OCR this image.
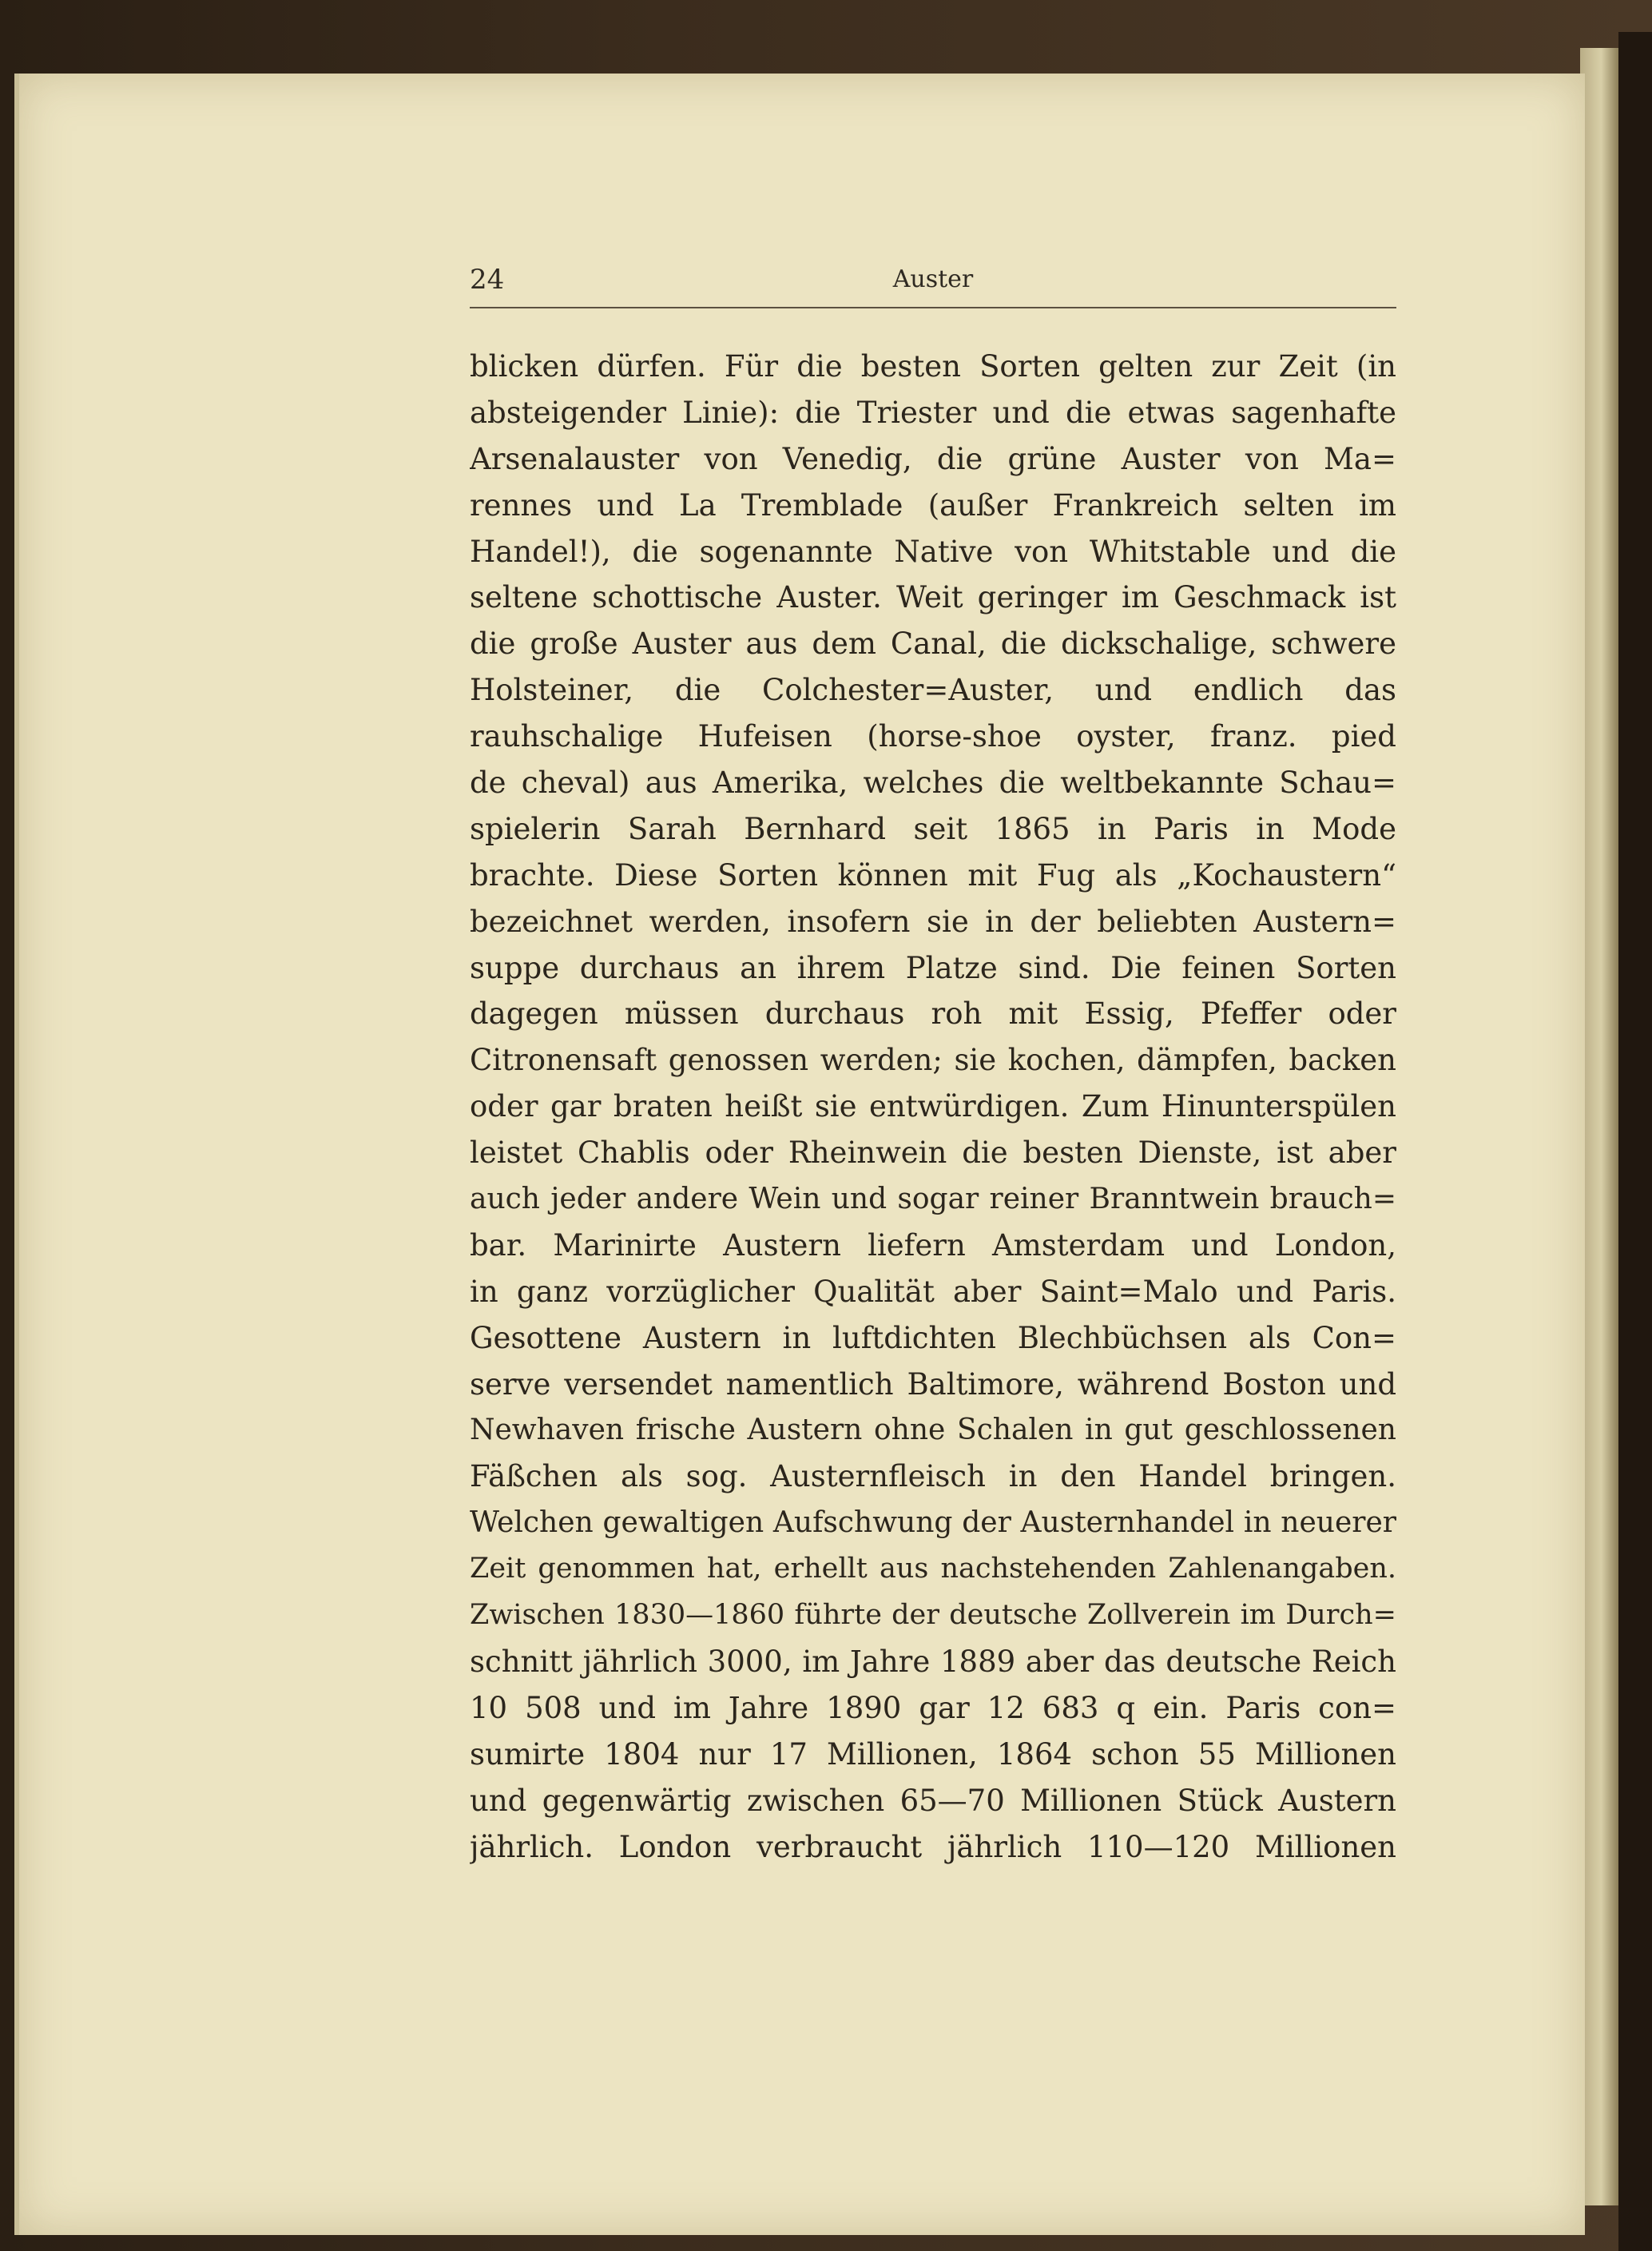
24	Auster
blicken dürfen. Für die besten Sorten gelten zur Zeit (in
absteigender Linie): die Triester und die etwas sagenhafte
Arsenalauster von Venedig, die grüne Auster von Ma=
rennes und La Tremblade (außer Frankreich selten im
Handel!), die sogenannte Native von Whitstable und die
seltene schottische Auster. Weit geringer im Geschmack ist
die große Auster aus dem Canal, die dickschalige, schwere
Holsteiner, die Colchester=Auster, und endlich das
rauhschalige Hufeisen (horse-shoe oyster, franz. pied
de cheval) aus Amerika, welches die weltbekannte Schau=
spielerin Sarah Bernhard seit 1865 in Paris in Mode
brachte. Diese Sorten können mit Fug als „Kochaustern“
bezeichnet werden, insofern sie in der beliebten Austern=
suppe durchaus an ihrem Platze sind. Die feinen Sorten
dagegen müssen durchaus roh mit Essig, Pfeffer oder
Citronensaft genossen werden; sie kochen, dämpfen, backen
oder gar braten heißt sie entwürdigen. Zum Hinunterspülen
leistet Chablis oder Rheinwein die besten Dienste, ist aber
auch jeder andere Wein und sogar reiner Branntwein brauch=
bar. Marinirte Austern liefern Amsterdam und London,
in ganz vorzüglicher Qualität aber Saint=Malo und Paris.
Gesottene Austern in luftdichten Blechbüchsen als Con=
serve versendet namentlich Baltimore, während Boston und
Newhaven frische Austern ohne Schalen in gut geschlossenen
Fäßchen als sog. Austernfleisch in den Handel bringen.
Welchen gewaltigen Aufschwung der Austernhandel in neuerer
Zeit genommen hat, erhellt aus nachstehenden Zahlenangaben.
Zwischen 1830—1860 führte der deutsche Zollverein im Durch=
schnitt jährlich 3000, im Jahre 1889 aber das deutsche Reich
10 508 und im Jahre 1890 gar 12 683 q ein. Paris con=
sumirte 1804 nur 17 Millionen, 1864 schon 55 Millionen
und gegenwärtig zwischen 65—70 Millionen Stück Austern
jährlich. London verbraucht jährlich 110—120 Millionen
